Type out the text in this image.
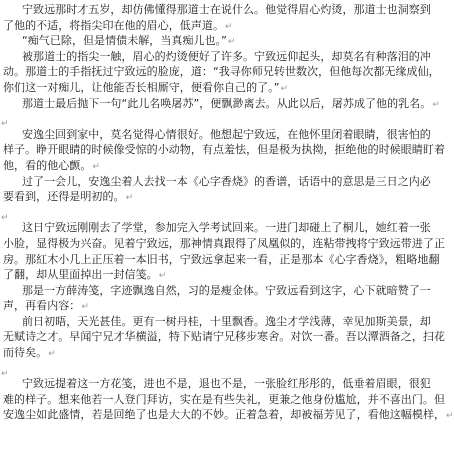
宁致远那时才五岁，却仿佛懂得那道士在说什么。他觉得眉心灼烫，那道士也洞察到
了他的不适，将指尖印在他的眉心，低声道。↵
“痴气已除，但是情债未解，当真痴儿也。”↵
被那道士的指尖一触，眉心的灼烫便好了许多。宁致远仰起头，却莫名有种落泪的冲
动。那道士的手指抚过宁致远的脸庞，道：“我寻你师兄转世数次，但他每次都无缘成仙，
你们这一对痴儿，让他能否长相厮守，便看你自己的了。”↵
那道士最后抛下一句“此儿名唤屠苏”，便飘渺离去。从此以后，屠苏成了他的乳名。↵
↵
安逸尘回到家中，莫名觉得心情很好。他想起宁致远，在他怀里闭着眼睛，很害怕的
样子。睁开眼睛的时候像受惊的小动物，有点羞怯，但是极为执拗，拒绝他的时候眼睛盯着
他，看的他心颤。↵
过了一会儿，安逸尘着人去找一本《心字香烧》的香谱，话语中的意思是三日之内必
要看到，还得是明初的。↵
↵
这日宁致远刚刚去了学堂，参加完入学考试回来。一进门却碰上了桐儿，她红着一张
小脸，显得极为兴奋。见着宁致远，那神情真跟得了凤凰似的，连粘带拽将宁致远带进了正
房。那紅木小几上正压着一本旧书，宁致远拿起来一看，正是那本《心字香烧》，粗略地翻
了翻，却从里面掉出一封信笺。↵
那是一方薛涛笺，字迹飘逸自然，习的是瘦金体。宁致远看到这字，心下就暗赞了一
声，再看内容：↵
前日初晤，天光甚佳。更有一树丹桂，十里飘香。逸尘才学浅薄，幸见加斯美景，却
无赋诗之才。早闻宁兄才华横溢，特下贴请宁兄移步寒舍。对饮一番。吾以潭酒备之，扫花
而待矣。↵
↵
宁致远提着这一方花笺，进也不是，退也不是，一张脸红彤彤的，低垂着眉眼，很犯
难的样子。想来他若一人登门拜访，实在是有些失礼，更兼之他身份尴尬，并不喜出门。但
安逸尘如此盛情，若是回绝了也是大大的不妙。正着急着，却被福芳见了，看他这幅模样，↵
